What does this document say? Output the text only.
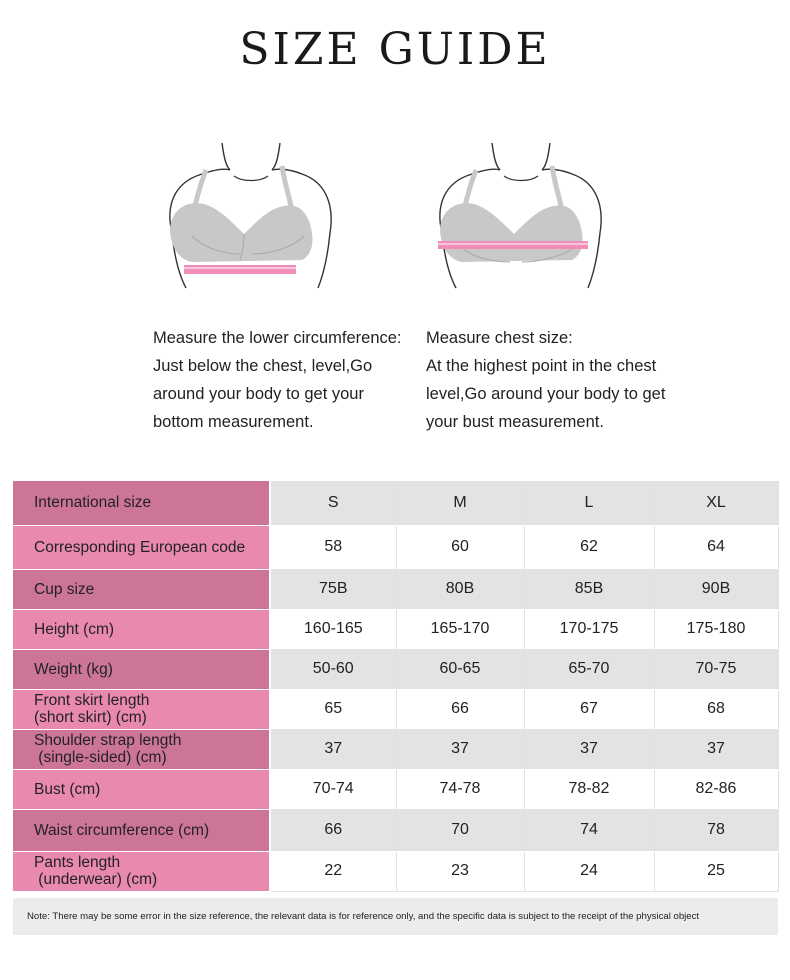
SIZE GUIDE
Measure the lower circumference:
Just below the chest, level,Go
around your body to get your
bottom measurement.
Measure chest size:
At the highest point in the chest
level,Go around your body to get
your bust measurement.
International size	S	M	L	XL
Corresponding European code	58	60	62	64
Cup size	75B	80B	85B	90B
Height (cm)	160-165	165-170	170-175	175-180
Weight (kg)	50-60	60-65	65-70	70-75
Front skirt length
(short skirt) (cm)	65	66	67	68
Shoulder strap length
(single-sided) (cm)	37	37	37	37
Bust (cm)	70-74	74-78	78-82	82-86
Waist circumference (cm)	66	70	74	78
Pants length
(underwear) (cm)	22	23	24	25
Note: There may be some error in the size reference, the relevant data is for reference only, and the specific data is subject to the receipt of the physical object
